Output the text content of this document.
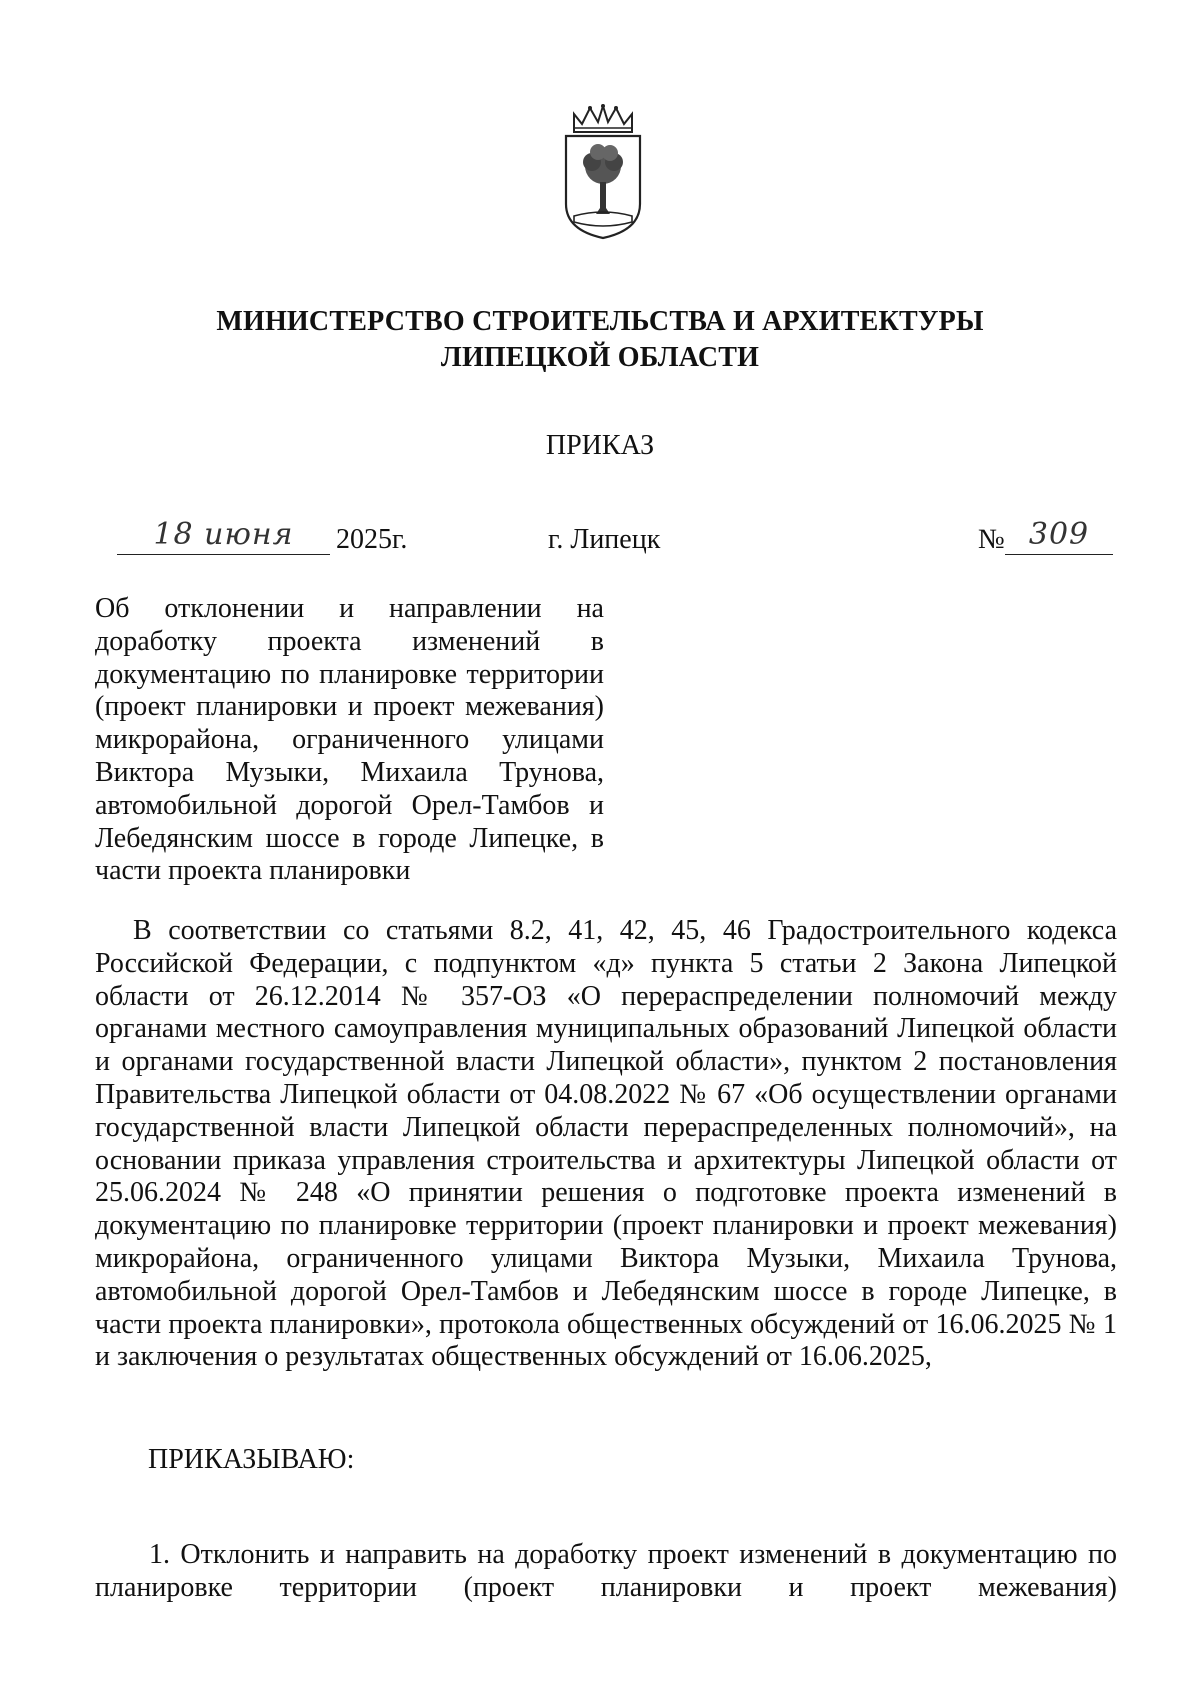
МИНИСТЕРСТВО СТРОИТЕЛЬСТВА И АРХИТЕКТУРЫ
ЛИПЕЦКОЙ ОБЛАСТИ
ПРИКАЗ
18 июня	2025г.	г. Липецк	№ 309
Об отклонении и направлении на доработку проекта изменений в документацию по планировке территории (проект планировки и проект межевания) микрорайона, ограниченного улицами Виктора Музыки, Михаила Трунова, автомобильной дорогой Орел-Тамбов и Лебедянским шоссе в городе Липецке, в части проекта планировки
В соответствии со статьями 8.2, 41, 42, 45, 46 Градостроительного кодекса Российской Федерации, с подпунктом «д» пункта 5 статьи 2 Закона Липецкой области от 26.12.2014 № 357-ОЗ «О перераспределении полномочий между органами местного самоуправления муниципальных образований Липецкой области и органами государственной власти Липецкой области», пунктом 2 постановления Правительства Липецкой области от 04.08.2022 № 67 «Об осуществлении органами государственной власти Липецкой области перераспределенных полномочий», на основании приказа управления строительства и архитектуры Липецкой области от 25.06.2024 № 248 «О принятии решения о подготовке проекта изменений в документацию по планировке территории (проект планировки и проект межевания) микрорайона, ограниченного улицами Виктора Музыки, Михаила Трунова, автомобильной дорогой Орел-Тамбов и Лебедянским шоссе в городе Липецке, в части проекта планировки», протокола общественных обсуждений от 16.06.2025 № 1 и заключения о результатах общественных обсуждений от 16.06.2025,
ПРИКАЗЫВАЮ:
1. Отклонить и направить на доработку проект изменений в документацию по планировке территории (проект планировки и проект межевания)
